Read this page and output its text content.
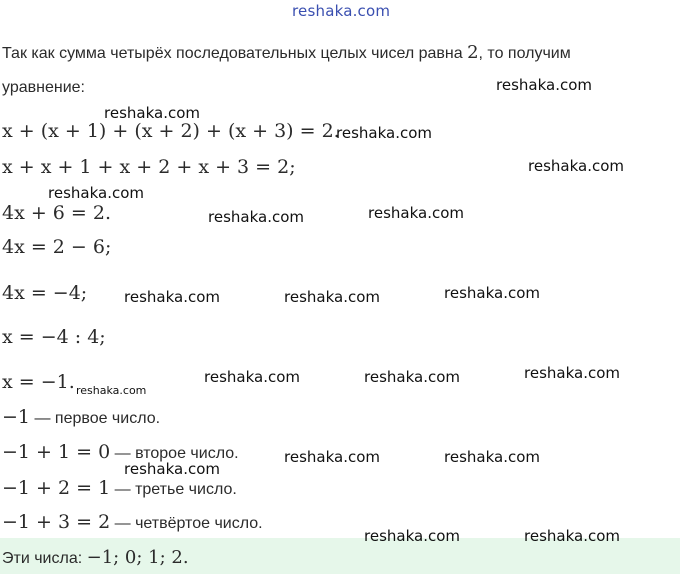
reshaka.com
Так как сумма четырёх последовательных целых чисел равна 2, то получим
уравнение:
x + (x + 1) + (x + 2) + (x + 3) = 2.
x + x + 1 + x + 2 + x + 3 = 2;
4x + 6 = 2.
4x = 2 − 6;
4x = −4;
x = −4 : 4;
x = −1.
−1 — первое число.
−1 + 1 = 0 — второе число.
−1 + 2 = 1 — третье число.
−1 + 3 = 2 — четвёртое число.
Эти числа: −1; 0; 1; 2.
reshaka.com
reshaka.com
reshaka.com
reshaka.com
reshaka.com
reshaka.com	reshaka.com
reshaka.com	reshaka.com	reshaka.com
reshaka.com
reshaka.com	reshaka.com	reshaka.com
reshaka.com	reshaka.com
reshaka.com
reshaka.com	reshaka.com
